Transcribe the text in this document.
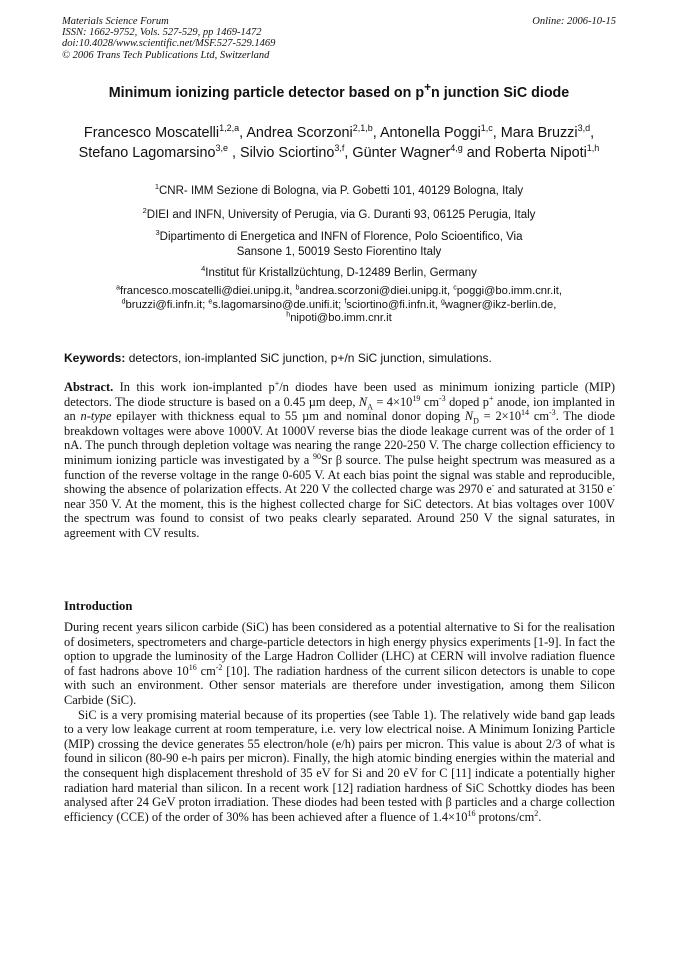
Materials Science Forum
ISSN: 1662-9752, Vols. 527-529, pp 1469-1472
doi:10.4028/www.scientific.net/MSF.527-529.1469
© 2006 Trans Tech Publications Ltd, Switzerland
Online: 2006-10-15
Minimum ionizing particle detector based on p+n junction SiC diode
Francesco Moscatelli$^{1,2,a}$, Andrea Scorzoni$^{2,1,b}$, Antonella Poggi$^{1,c}$, Mara Bruzzi$^{3,d}$, Stefano Lagomarsino$^{3,e}$ , Silvio Sciortino$^{3,f}$, Günter Wagner$^{4,g}$ and Roberta Nipoti$^{1,h}$
$^1$CNR- IMM Sezione di Bologna, via P. Gobetti 101, 40129 Bologna, Italy
$^2$DIEI and INFN, University of Perugia, via G. Duranti 93, 06125 Perugia, Italy
$^3$Dipartimento di Energetica and INFN of Florence, Polo Scioentifico, Via
Sansone 1, 50019 Sesto Fiorentino Italy
$^4$Institut für Kristallzüchtung, D-12489 Berlin, Germany
$^a$francesco.moscatelli@diei.unipg.it, $^b$andrea.scorzoni@diei.unipg.it, $^c$poggi@bo.imm.cnr.it,
$^d$bruzzi@fi.infn.it; $^e$s.lagomarsino@de.unifi.it; $^f$sciortino@fi.infn.it, $^g$wagner@ikz-berlin.de,
$^h$nipoti@bo.imm.cnr.it
Keywords: detectors, ion-implanted SiC junction, p+/n SiC junction, simulations.
Abstract. In this work ion-implanted p+/n diodes have been used as minimum ionizing particle (MIP) detectors. The diode structure is based on a 0.45 µm deep, $N_A = 4\times 10^{19}$ $cm^{-3}$ doped p+ anode, ion implanted in an n-type epilayer with thickness equal to 55 µm and nominal donor doping $N_D = 2\times 10^{14}$ $cm^{-3}$. The diode breakdown voltages were above 1000V. At 1000V reverse bias the diode leakage current was of the order of 1 nA. The punch through depletion voltage was nearing the range 220-250 V. The charge collection efficiency to minimum ionizing particle was investigated by a $^{90}$Sr β source. The pulse height spectrum was measured as a function of the reverse voltage in the range 0-605 V. At each bias point the signal was stable and reproducible, showing the absence of polarization effects. At 220 V the collected charge was 2970 e- and saturated at 3150 e- near 350 V. At the moment, this is the highest collected charge for SiC detectors. At bias voltages over 100V the spectrum was found to consist of two peaks clearly separated. Around 250 V the signal saturates, in agreement with CV results.
Introduction

During recent years silicon carbide (SiC) has been considered as a potential alternative to Si for the realisation of dosimeters, spectrometers and charge-particle detectors in high energy physics experiments [1-9]. In fact the option to upgrade the luminosity of the Large Hadron Collider (LHC) at CERN will involve radiation fluence of fast hadrons above $10^{16}$ $cm^{-2}$ [10]. The radiation hardness of the current silicon detectors is unable to cope with such an environment. Other sensor materials are therefore under investigation, among them Silicon Carbide (SiC).

SiC is a very promising material because of its properties (see Table 1). The relatively wide band gap leads to a very low leakage current at room temperature, i.e. very low electrical noise. A Minimum Ionizing Particle (MIP) crossing the device generates 55 electron/hole (e/h) pairs per micron. This value is about 2/3 of what is found in silicon (80-90 e-h pairs per micron). Finally, the high atomic binding energies within the material and the consequent high displacement threshold of 35 eV for Si and 20 eV for C [11] indicate a potentially higher radiation hard material than silicon. In a recent work [12] radiation hardness of SiC Schottky diodes has been analysed after 24 GeV proton irradiation. These diodes had been tested with β particles and a charge collection efficiency (CCE) of the order of 30% has been achieved after a fluence of $1.4\times 10^{16}$ protons/$cm^2$.
